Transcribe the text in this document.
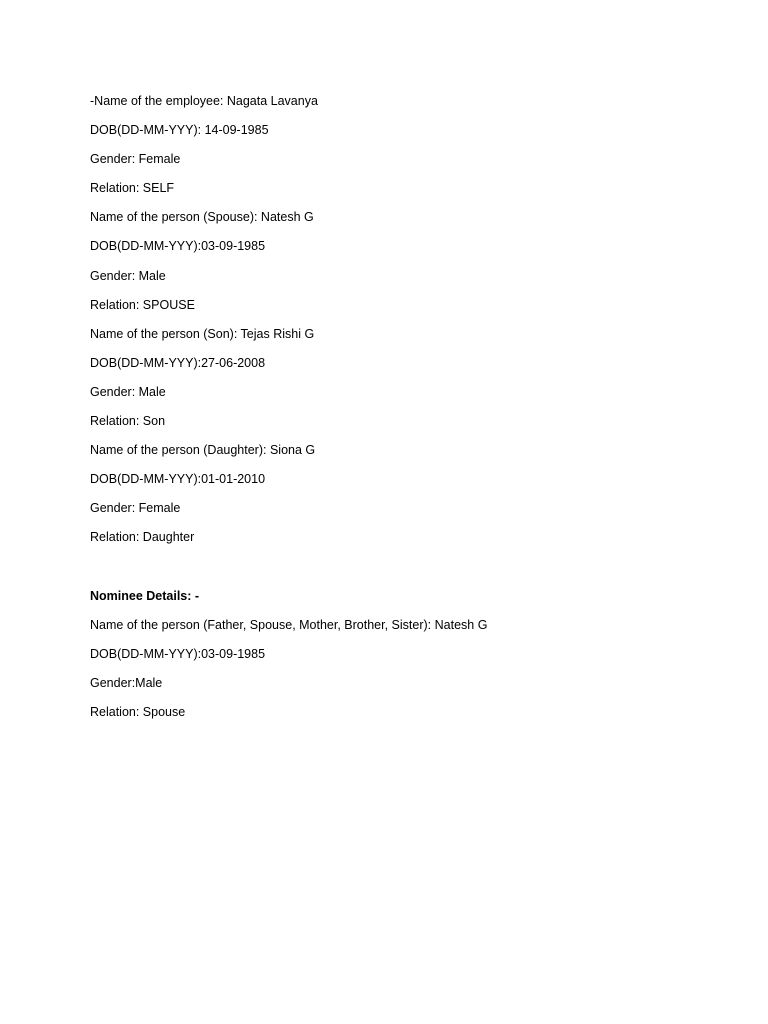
-Name of the employee: Nagata Lavanya
DOB(DD-MM-YYY): 14-09-1985
Gender: Female
Relation: SELF
Name of the person (Spouse): Natesh G
DOB(DD-MM-YYY):03-09-1985
Gender: Male
Relation: SPOUSE
Name of the person (Son): Tejas Rishi G
DOB(DD-MM-YYY):27-06-2008
Gender: Male
Relation: Son
Name of the person (Daughter): Siona G
DOB(DD-MM-YYY):01-01-2010
Gender: Female
Relation: Daughter
Nominee Details: -
Name of the person (Father, Spouse, Mother, Brother, Sister): Natesh G
DOB(DD-MM-YYY):03-09-1985
Gender:Male
Relation: Spouse
